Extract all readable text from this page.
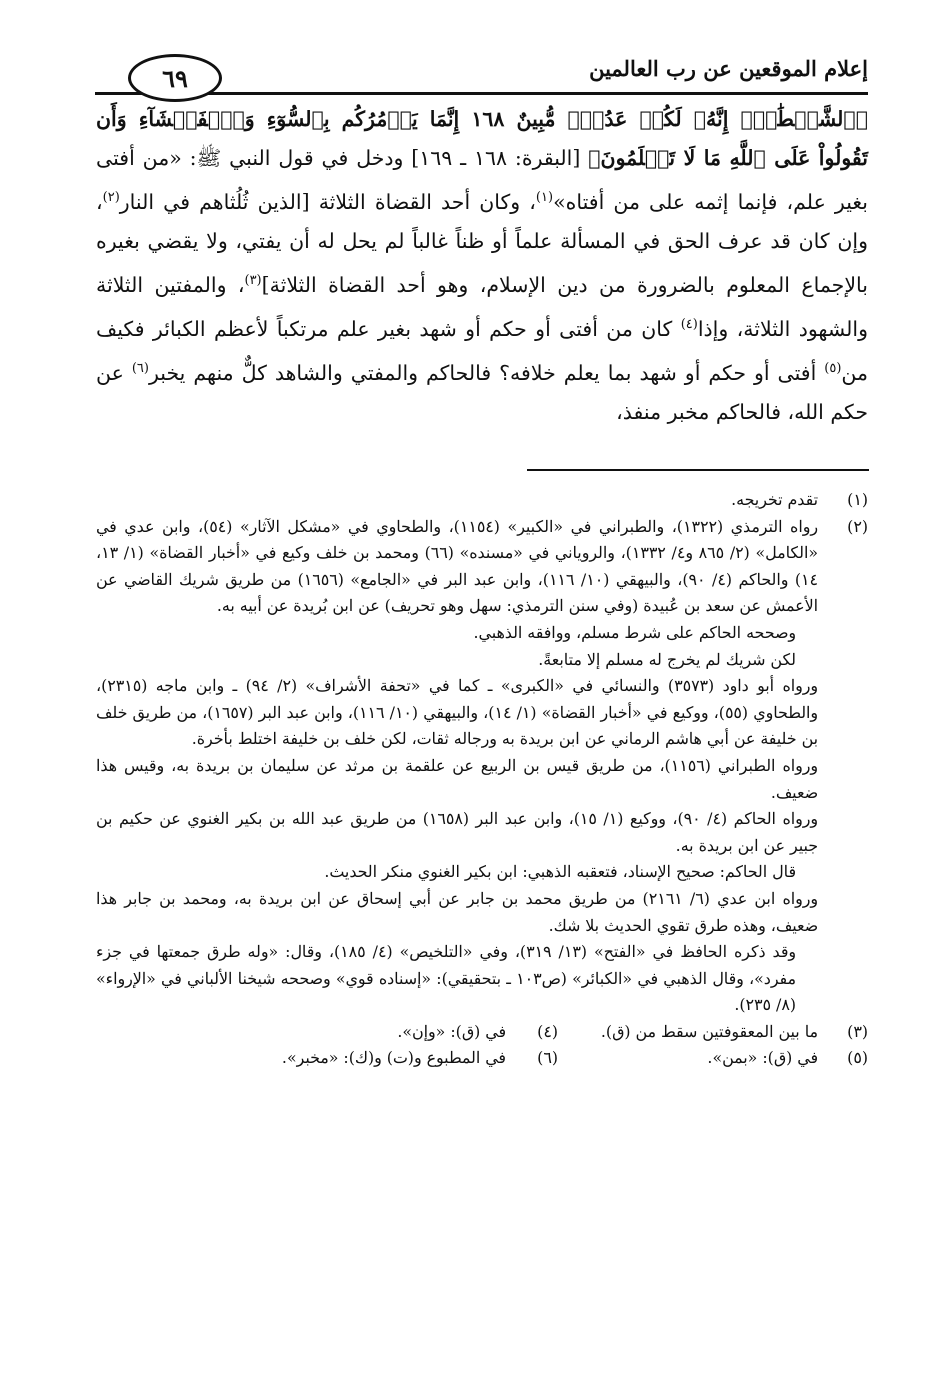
إعلام الموقعين عن رب العالمين
٦٩

﴿ٱلشَّيۡطَٰنِۚ إِنَّهُۥ لَكُمۡ عَدُوّٞ مُّبِينٌ ١٦٨ إِنَّمَا يَأۡمُرُكُم بِٱلسُّوٓءِ وَٱلۡفَحۡشَآءِ وَأَن تَقُولُواْ عَلَى ٱللَّهِ مَا لَا تَعۡلَمُونَ﴾ [البقرة: ١٦٨ ـ ١٦٩] ودخل في قول النبي ﷺ: «من أفتى بغير علم، فإنما إثمه على من أفتاه»$^{(١)}$، وكان أحد القضاة الثلاثة [الذين ثُلُثاهم في النار$^{(٢)}$، وإن كان قد عرف الحق في المسألة علماً أو ظناً غالباً لم يحل له أن يفتي، ولا يقضي بغيره بالإجماع المعلوم بالضرورة من دين الإسلام، وهو أحد القضاة الثلاثة]$^{(٣)}$، والمفتين الثلاثة والشهود الثلاثة، وإذا$^{(٤)}$ كان من أفتى أو حكم أو شهد بغير علم مرتكباً لأعظم الكبائر فكيف من$^{(٥)}$ أفتى أو حكم أو شهد بما يعلم خلافه؟ فالحاكم والمفتي والشاهد كلٌّ منهم يخبر$^{(٦)}$ عن حكم الله، فالحاكم مخبر منفذ،

(١)

تقدم تخريجه.

(٢)

رواه الترمذي (١٣٢٢)، والطبراني في «الكبير» (١١٥٤)، والطحاوي في «مشكل الآثار» (٥٤)، وابن عدي في «الكامل» (٢/ ٨٦٥ و٤/ ١٣٣٢)، والروياني في «مسنده» (٦٦) ومحمد بن خلف وكيع في «أخبار القضاة» (١/ ١٣، ١٤) والحاكم (٤/ ٩٠)، والبيهقي (١٠/ ١١٦)، وابن عبد البر في «الجامع» (١٦٥٦) من طريق شريك القاضي عن الأعمش عن سعد بن عُبيدة (وفي سنن الترمذي: سهل وهو تحريف) عن ابن بُريدة عن أبيه به.

وصححه الحاكم على شرط مسلم، ووافقه الذهبي.

لكن شريك لم يخرج له مسلم إلا متابعةً.

ورواه أبو داود (٣٥٧٣) والنسائي في «الكبرى» ـ كما في «تحفة الأشراف» (٢/ ٩٤) ـ وابن ماجه (٢٣١٥)، والطحاوي (٥٥)، ووكيع في «أخبار القضاة» (١/ ١٤)، والبيهقي (١٠/ ١١٦)، وابن عبد البر (١٦٥٧)، من طريق خلف بن خليفة عن أبي هاشم الرماني عن ابن بريدة به ورجاله ثقات، لكن خلف بن خليفة اختلط بأخرة.

ورواه الطبراني (١١٥٦)، من طريق قيس بن الربيع عن علقمة بن مرثد عن سليمان بن بريدة به، وقيس هذا ضعيف.

ورواه الحاكم (٤/ ٩٠)، ووكيع (١/ ١٥)، وابن عبد البر (١٦٥٨) من طريق عبد الله بن بكير الغنوي عن حكيم بن جبير عن ابن بريدة به.

قال الحاكم: صحيح الإسناد، فتعقبه الذهبي: ابن بكير الغنوي منكر الحديث.

ورواه ابن عدي (٦/ ٢١٦١) من طريق محمد بن جابر عن أبي إسحاق عن ابن بريدة به، ومحمد بن جابر هذا ضعيف، وهذه طرق تقوي الحديث بلا شك.

وقد ذكره الحافظ في «الفتح» (١٣/ ٣١٩)، وفي «التلخيص» (٤/ ١٨٥)، وقال: «وله طرق جمعتها في جزء مفرد»، وقال الذهبي في «الكبائر» (ص١٠٣ ـ بتحقيقي): «إسناده قوي» وصححه شيخنا الألباني في «الإرواء» (٨/ ٢٣٥).

(٣)
ما بين المعقوفتين سقط من (ق).
(٤)
في (ق): «وإن».
(٥)
في (ق): «بمن».
(٦)
في المطبوع و(ت) و(ك): «مخبر».
